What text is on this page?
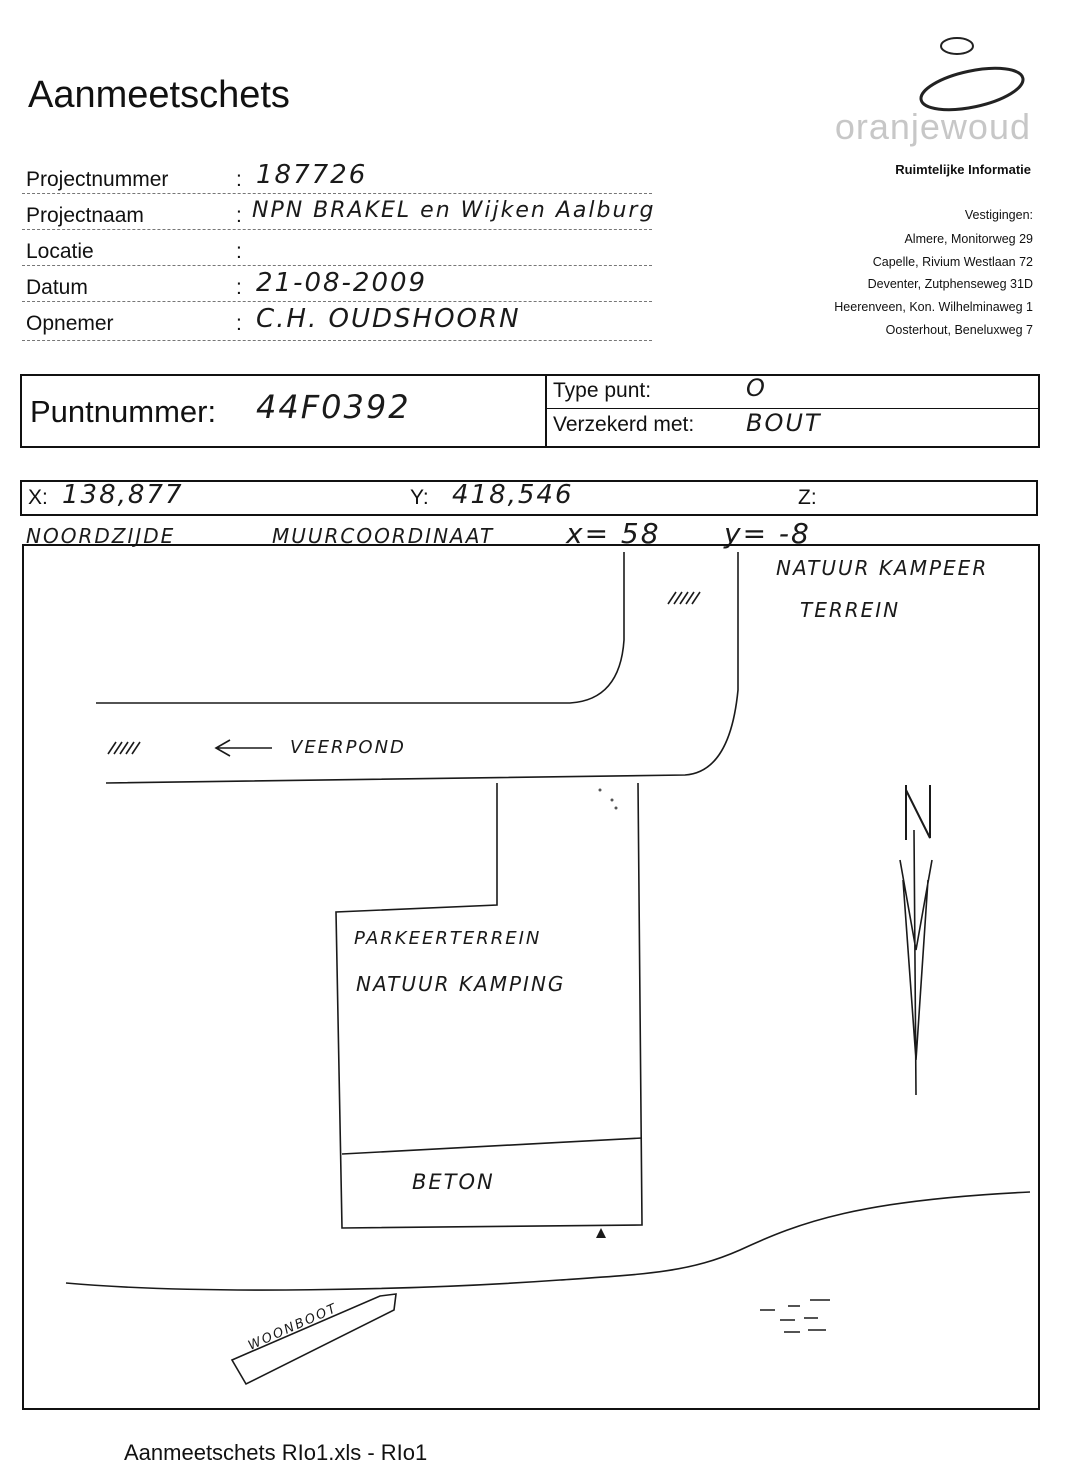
Aanmeetschets
oranjewoud
Ruimtelijke Informatie
Vestigingen:
Almere, Monitorweg 29
Capelle, Rivium Westlaan 72
Deventer, Zutphenseweg 31D
Heerenveen, Kon. Wilhelminaweg 1
Oosterhout, Beneluxweg 7
Projectnummer	: 187726
Projectnaam	: NPN BRAKEL en Wijken Aalburg
Locatie	:
Datum	: 21-08-2009
Opnemer	: C.H. OUDSHOORN
Puntnummer: 44F0392	Type punt:	O
Verzekerd met: BOUT
X: 138,877	Y: 418,546	Z:
NOORDZIJDE	MUURCOORDINAAT	x= 58 y= -8
NATUUR KAMPEER
TERREIN
VEERPOND
PARKEERTERREIN
NATUUR KAMPING
BETON
WOONBOOT
Aanmeetschets RIo1.xls - RIo1
